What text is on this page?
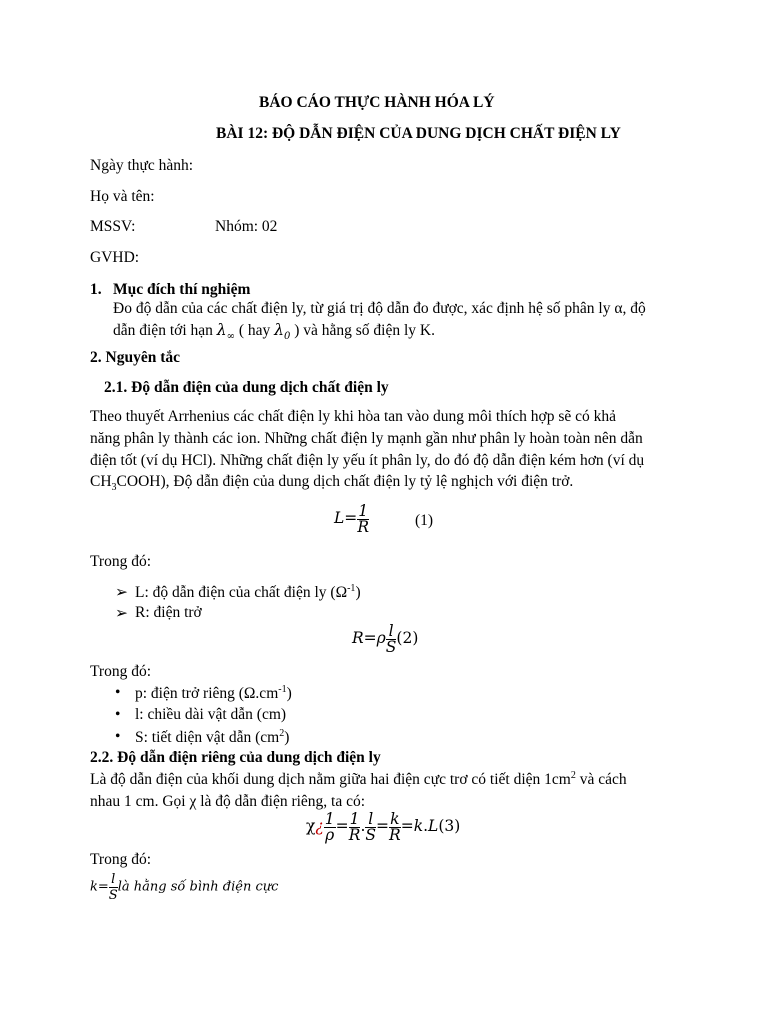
BÁO CÁO THỰC HÀNH HÓA LÝ
BÀI 12: ĐỘ DẪN ĐIỆN CỦA DUNG DỊCH CHẤT ĐIỆN LY
Ngày thực hành:
Họ và tên:
MSSV:	Nhóm: 02
GVHD:
1. Mục đích thí nghiệm
Đo độ dẫn của các chất điện ly, từ giá trị độ dẫn đo được, xác định hệ số phân ly α, độ
dẫn điện tới hạn $\lambda_\infty$ ( hay $\lambda_0$ ) và hằng số điện ly K.
2. Nguyên tắc
2.1. Độ dẫn điện của dung dịch chất điện ly
Theo thuyết Arrhenius các chất điện ly khi hòa tan vào dung môi thích hợp sẽ có khả
năng phân ly thành các ion. Những chất điện ly mạnh gần như phân ly hoàn toàn nên dẫn
điện tốt (ví dụ HCl). Những chất điện ly yếu ít phân ly, do đó độ dẫn điện kém hơn (ví dụ
$CH_3COOH$), Độ dẫn điện của dung dịch chất điện ly tỷ lệ nghịch với điện trở.
$L= \frac{1}{R}$	(1)
Trong đó:
➢ L: độ dẫn điện của chất điện ly $(\Omega^{-1})$
➢ R: điện trở
$R=\rho \frac{l}{S} (2)$
Trong đó:
• p: điện trở riêng $(\Omega.cm^{-1})$
• l: chiều dài vật dẫn (cm)
• S: tiết diện vật dẫn $(cm^2)$
2.2. Độ dẫn điện riêng của dung dịch điện ly
Là độ dẫn điện của khối dung dịch nằm giữa hai điện cực trơ có tiết diện $1cm^2$ và cách
nhau 1 cm. Gọi χ là độ dẫn điện riêng, ta có:
χ¿ $\frac{1}{\rho} = \frac{1}{R}$ . $\frac{l}{S} = \frac{k}{R} =k.L(3)$
Trong đó:
$k= \frac{l}{S}$ là hằng số bình điện cực
